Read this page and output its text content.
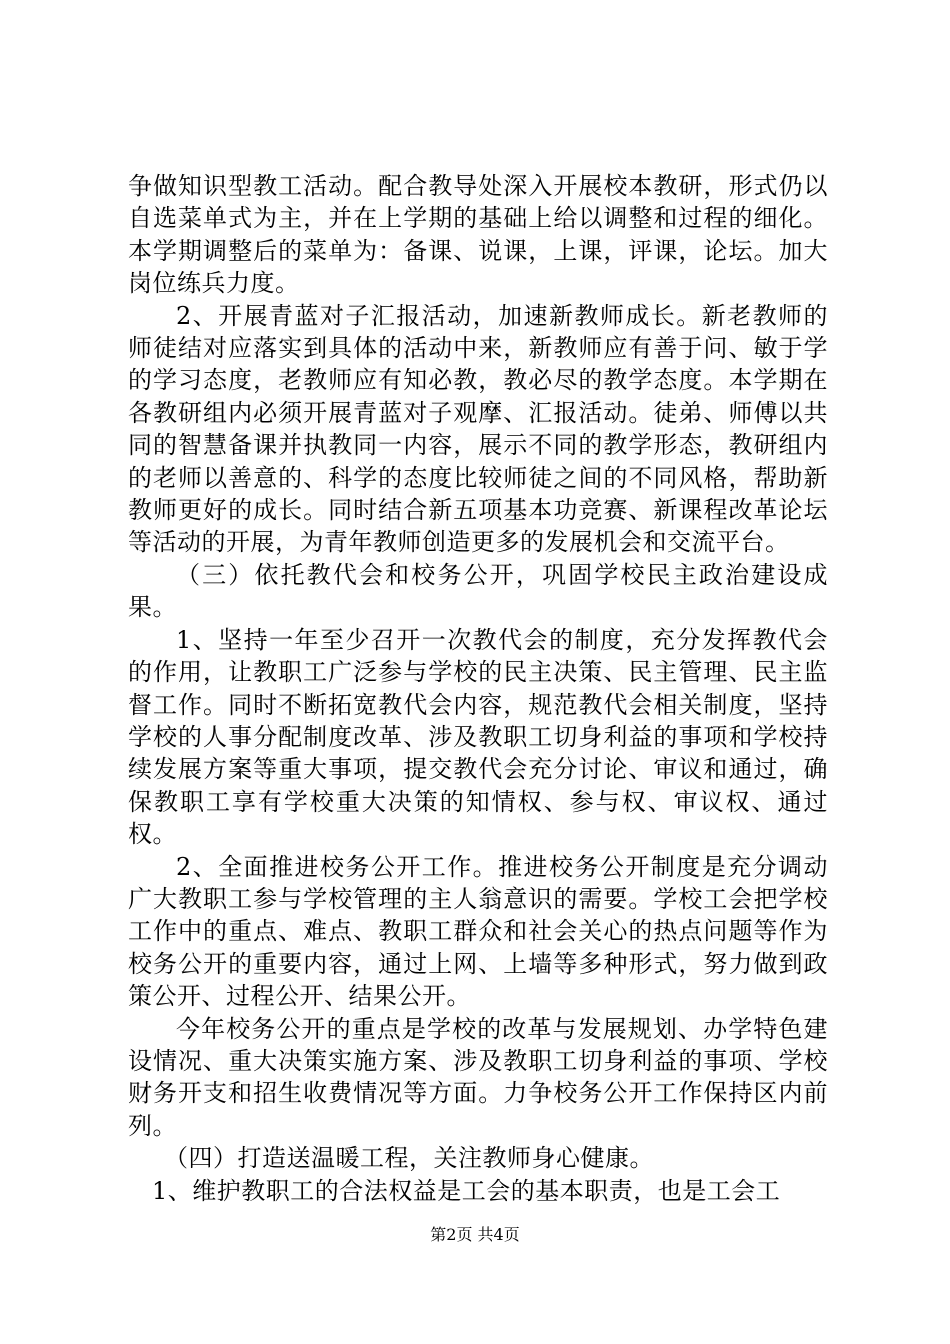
争做知识型教工活动。配合教导处深入开展校本教研，形式仍以自选菜单式为主，并在上学期的基础上给以调整和过程的细化。本学期调整后的菜单为：备课、说课，上课，评课，论坛。加大岗位练兵力度。

2、开展青蓝对子汇报活动，加速新教师成长。新老教师的师徒结对应落实到具体的活动中来，新教师应有善于问、敏于学的学习态度，老教师应有知必教，教必尽的教学态度。本学期在各教研组内必须开展青蓝对子观摩、汇报活动。徒弟、师傅以共同的智慧备课并执教同一内容，展示不同的教学形态，教研组内的老师以善意的、科学的态度比较师徒之间的不同风格，帮助新教师更好的成长。同时结合新五项基本功竞赛、新课程改革论坛等活动的开展，为青年教师创造更多的发展机会和交流平台。

（三）依托教代会和校务公开，巩固学校民主政治建设成果。

1、坚持一年至少召开一次教代会的制度，充分发挥教代会的作用，让教职工广泛参与学校的民主决策、民主管理、民主监督工作。同时不断拓宽教代会内容，规范教代会相关制度，坚持学校的人事分配制度改革、涉及教职工切身利益的事项和学校持续发展方案等重大事项，提交教代会充分讨论、审议和通过，确保教职工享有学校重大决策的知情权、参与权、审议权、通过权。

2、全面推进校务公开工作。推进校务公开制度是充分调动广大教职工参与学校管理的主人翁意识的需要。学校工会把学校工作中的重点、难点、教职工群众和社会关心的热点问题等作为校务公开的重要内容，通过上网、上墙等多种形式，努力做到政策公开、过程公开、结果公开。

今年校务公开的重点是学校的改革与发展规划、办学特色建设情况、重大决策实施方案、涉及教职工切身利益的事项、学校财务开支和招生收费情况等方面。力争校务公开工作保持区内前列。

（四）打造送温暖工程，关注教师身心健康。

1、维护教职工的合法权益是工会的基本职责，也是工会工

第2页 共4页
